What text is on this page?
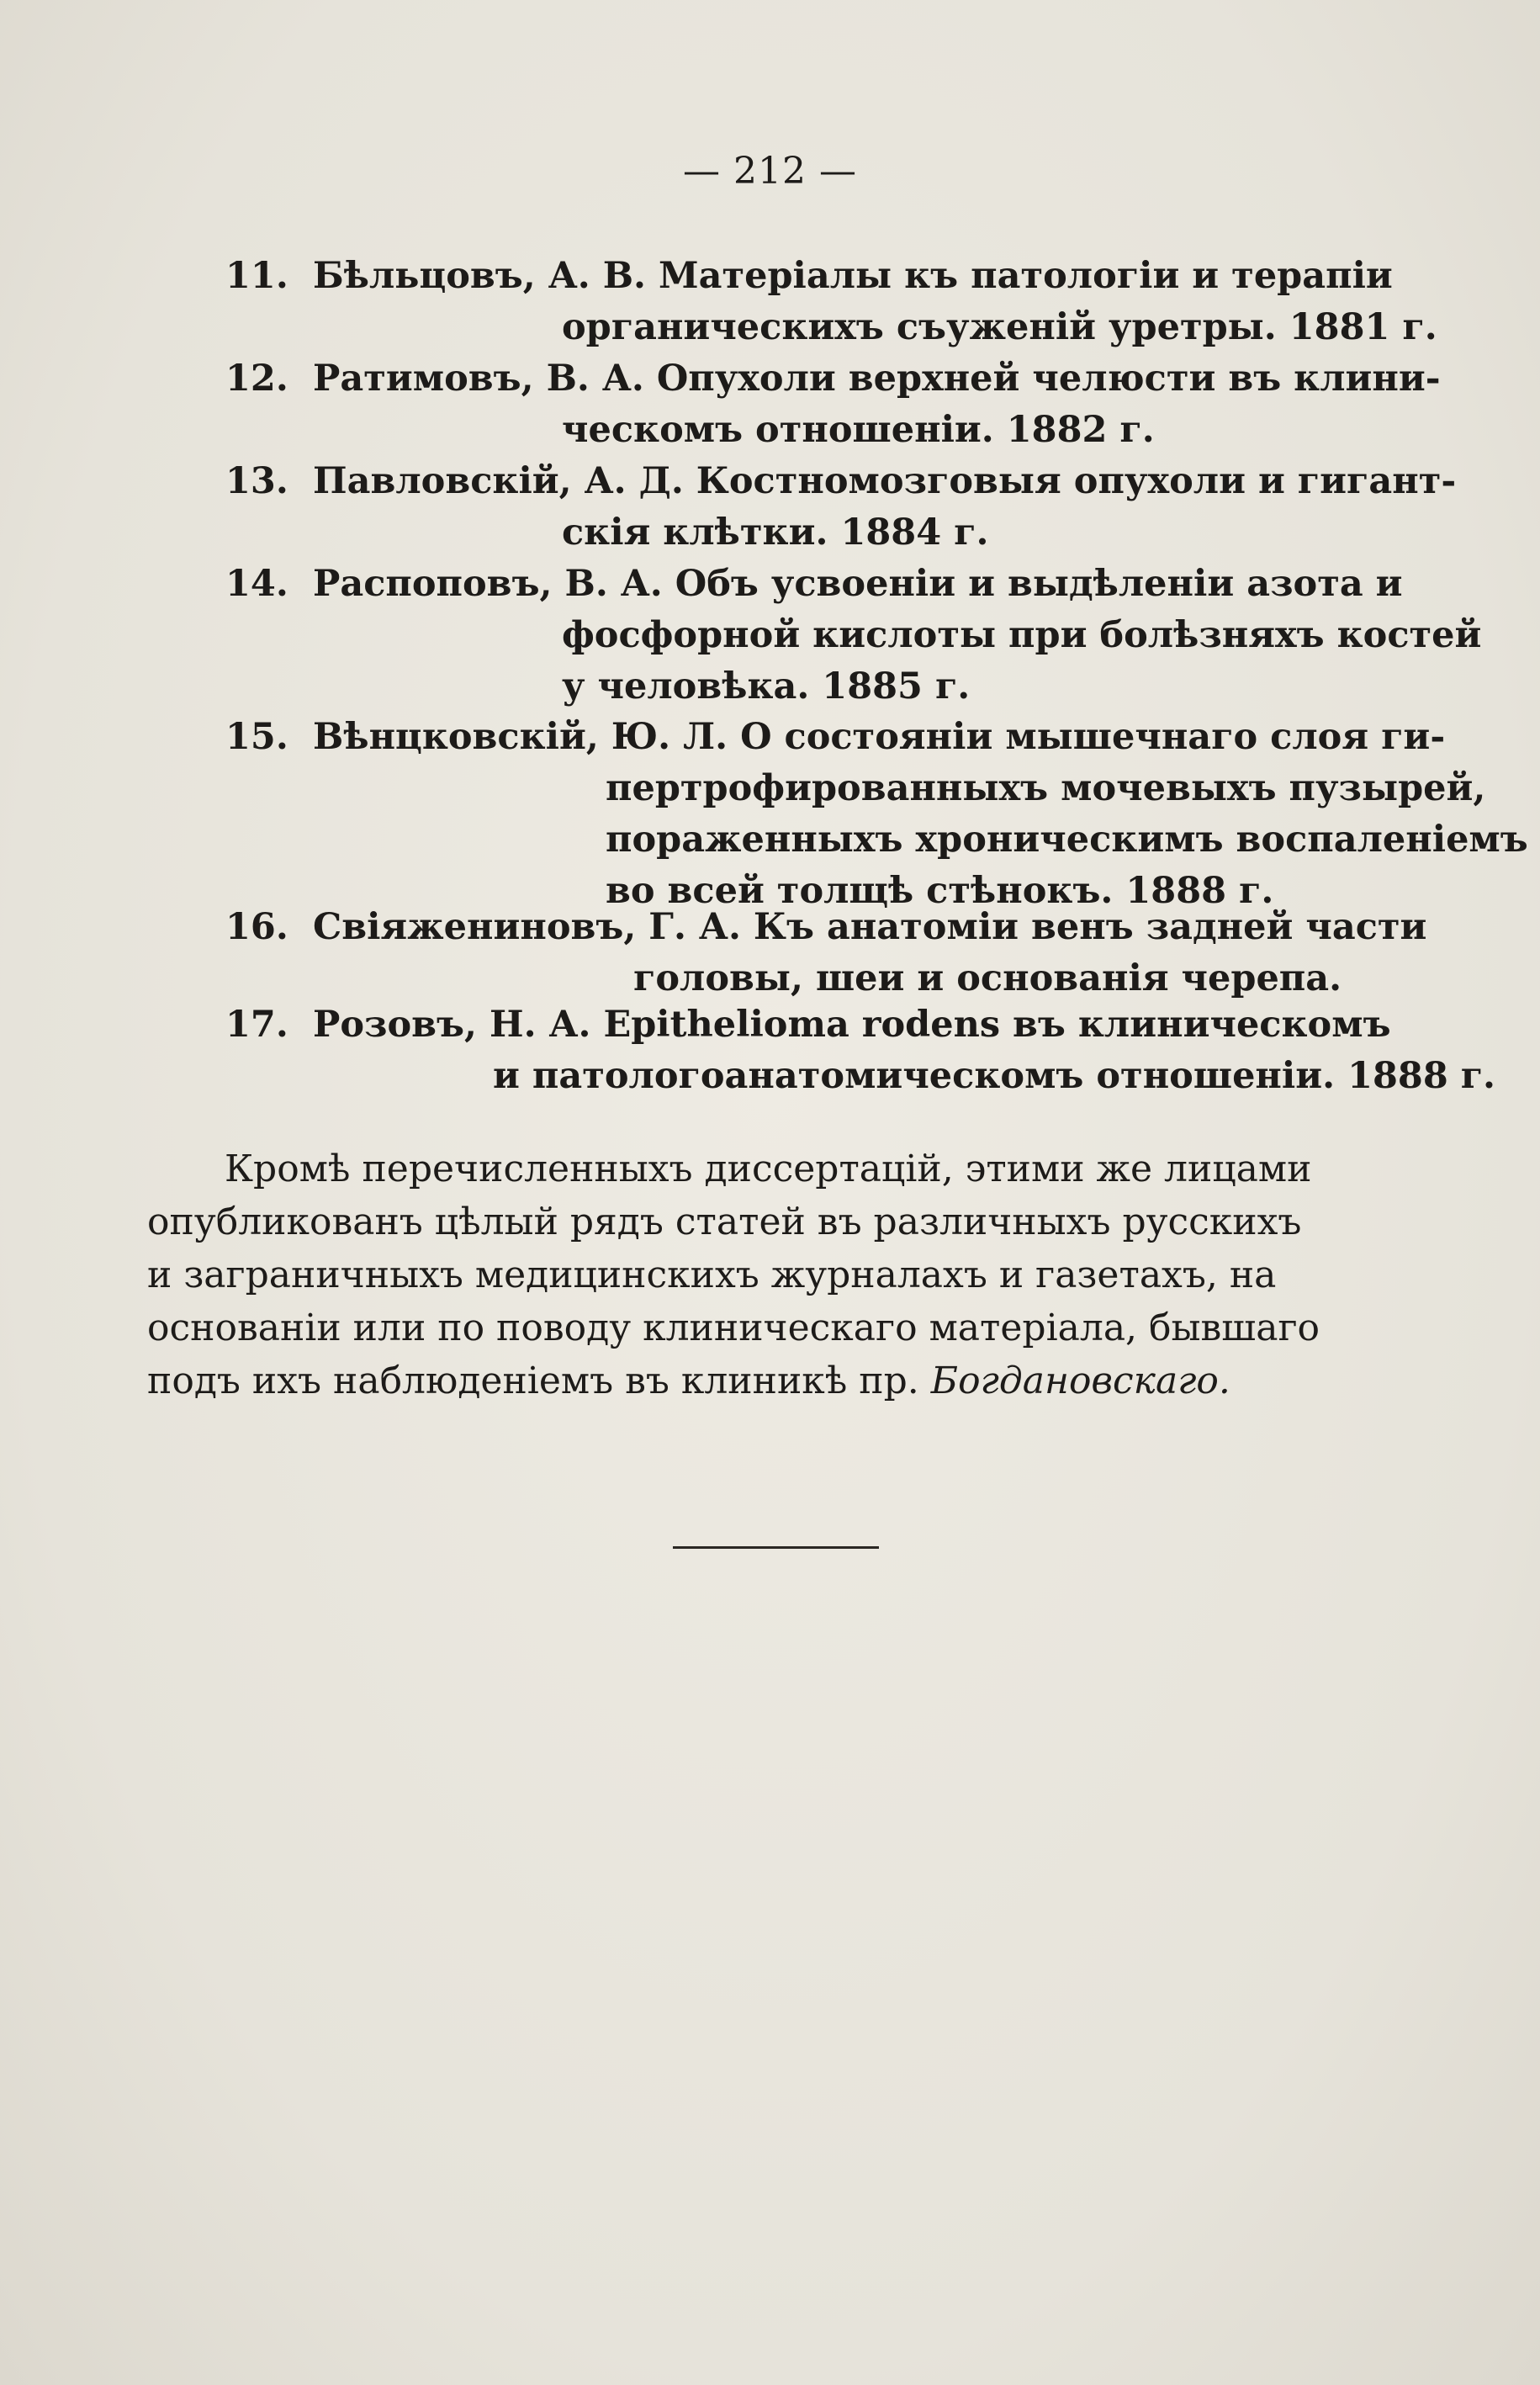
— 212 —
11. Бѣльцовъ, А. В. Матеріалы къ патологіи и терапіи
органическихъ съуженій уретры. 1881 г.
12. Ратимовъ, В. А. Опухоли верхней челюсти въ клини-
ческомъ отношеніи. 1882 г.
13. Павловскій, А. Д. Костномозговыя опухоли и гигант-
скія клѣтки. 1884 г.
14. Распоповъ, В. А. Объ усвоеніи и выдѣленіи азота и
фосфорной кислоты при болѣзняхъ костей
у человѣка. 1885 г.
15. Вѣнцковскій, Ю. Л. О состояніи мышечнаго слоя ги-
пертрофированныхъ мочевыхъ пузырей,
пораженныхъ хроническимъ воспаленіемъ
во всей толщѣ стѣнокъ. 1888 г.
16. Свіяжениновъ, Г. А. Къ анатоміи венъ задней части
головы, шеи и основанія черепа.
17. Розовъ, Н. А. Epithelioma rodens въ клиническомъ
и патологоанатомическомъ отношеніи. 1888 г.
Кромѣ перечисленныхъ диссертацій, этими же лицами
опубликованъ цѣлый рядъ статей въ различныхъ русскихъ
и заграничныхъ медицинскихъ журналахъ и газетахъ, на
основаніи или по поводу клиническаго матеріала, бывшаго
подъ ихъ наблюденіемъ въ клиникѣ пр. Богдановскаго.
